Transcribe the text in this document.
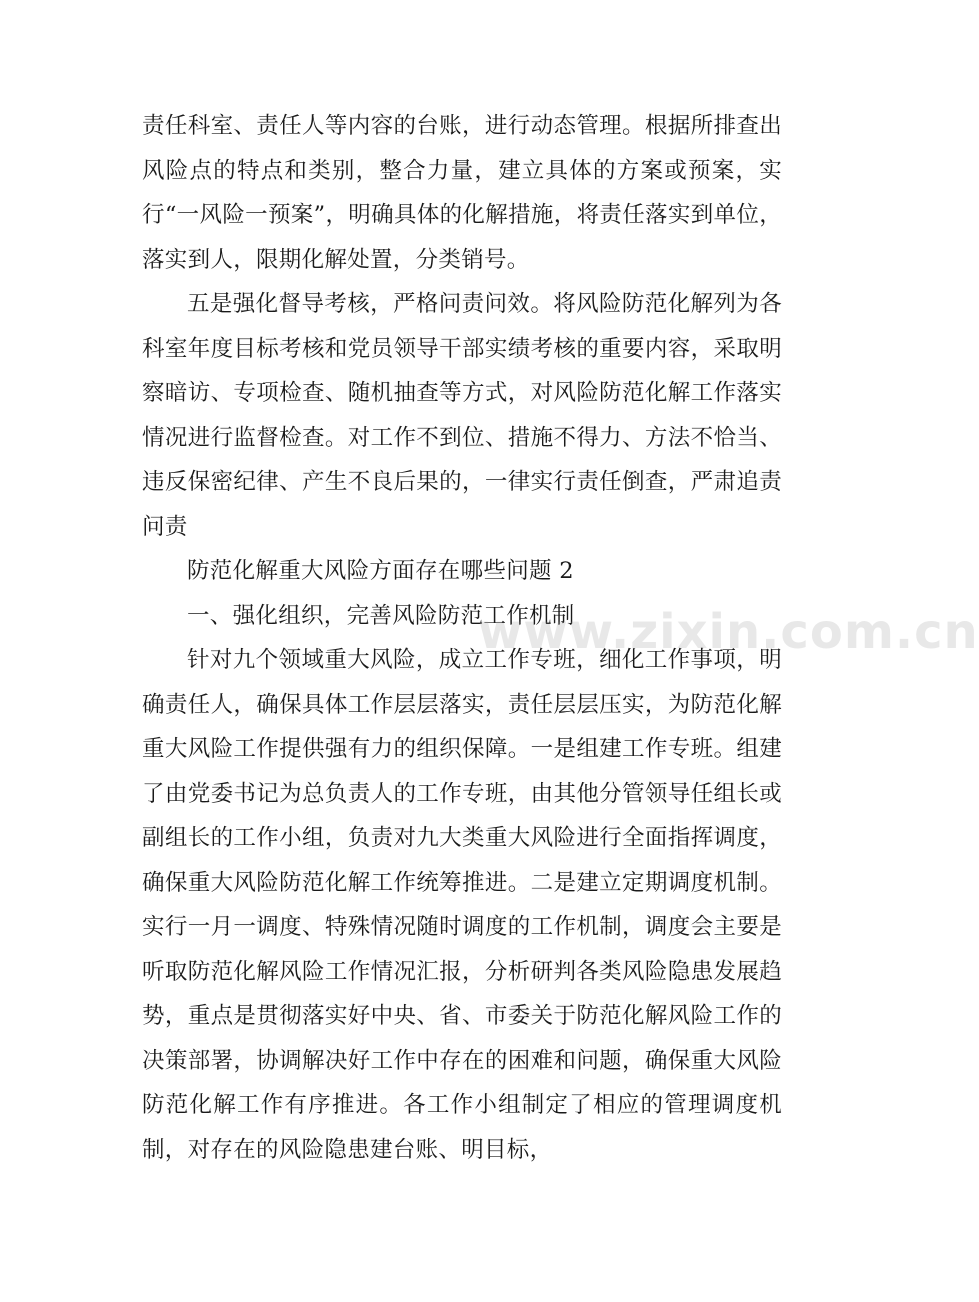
责任科室、责任人等内容的台账，进行动态管理。根据所排查出风险点的特点和类别，整合力量，建立具体的方案或预案，实行“一风险一预案”，明确具体的化解措施，将责任落实到单位，落实到人，限期化解处置，分类销号。

五是强化督导考核，严格问责问效。将风险防范化解列为各科室年度目标考核和党员领导干部实绩考核的重要内容，采取明察暗访、专项检查、随机抽查等方式，对风险防范化解工作落实情况进行监督检查。对工作不到位、措施不得力、方法不恰当、违反保密纪律、产生不良后果的，一律实行责任倒查，严肃追责问责

防范化解重大风险方面存在哪些问题 2

一、强化组织，完善风险防范工作机制

针对九个领域重大风险，成立工作专班，细化工作事项，明确责任人，确保具体工作层层落实，责任层层压实，为防范化解重大风险工作提供强有力的组织保障。一是组建工作专班。组建了由党委书记为总负责人的工作专班，由其他分管领导任组长或副组长的工作小组，负责对九大类重大风险进行全面指挥调度，确保重大风险防范化解工作统筹推进。二是建立定期调度机制。实行一月一调度、特殊情况随时调度的工作机制，调度会主要是听取防范化解风险工作情况汇报，分析研判各类风险隐患发展趋势，重点是贯彻落实好中央、省、市委关于防范化解风险工作的决策部署，协调解决好工作中存在的困难和问题，确保重大风险防范化解工作有序推进。各工作小组制定了相应的管理调度机制，对存在的风险隐患建台账、明目标，

www.zixin.com.cn
